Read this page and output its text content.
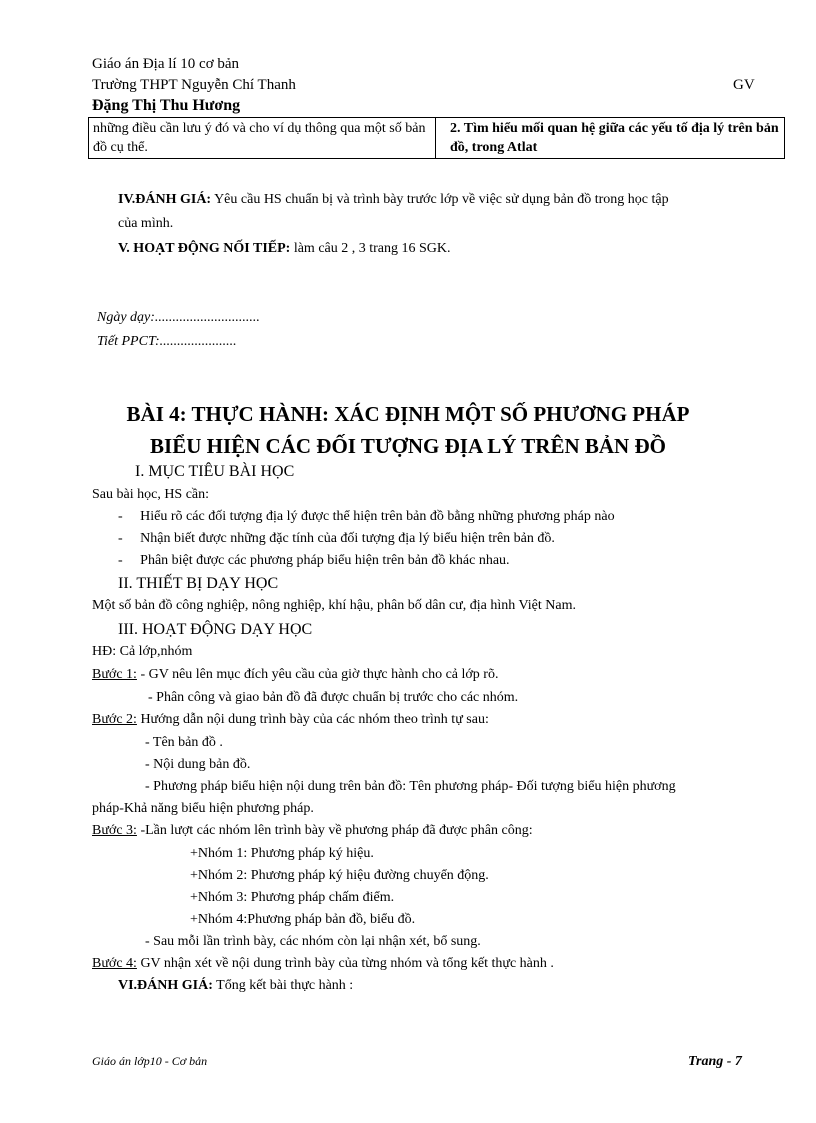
Giáo án Địa lí 10 cơ bản
Trường THPT Nguyễn Chí Thanh	GV
Đặng Thị Thu Hương
những điều cần lưu ý đó và cho ví dụ thông qua một số bản đồ cụ thể.	2. Tìm hiểu mối quan hệ giữa các yếu tố địa lý trên bản đồ, trong Atlat
IV.ĐÁNH GIÁ: Yêu cầu HS chuẩn bị và trình bày trước lớp về việc sử dụng bản đồ trong học tập
của mình.
V. HOẠT ĐỘNG NỐI TIẾP: làm câu 2 , 3 trang 16 SGK.
Ngày dạy:..............................
Tiết PPCT:......................
BÀI 4: THỰC HÀNH: XÁC ĐỊNH MỘT SỐ PHƯƠNG PHÁP
BIỂU HIỆN CÁC ĐỐI TƯỢNG ĐỊA LÝ TRÊN BẢN ĐỒ
I. MỤC TIÊU BÀI HỌC
Sau bài học, HS cần:
-     Hiểu rõ các đối tượng địa lý được thể hiện trên bản đồ bằng những phương pháp nào
-     Nhận biết được những đặc tính của đối tượng địa lý biểu hiện trên bản đồ.
-     Phân biệt được các phương pháp biểu hiện trên bản đồ khác nhau.
II. THIẾT BỊ DẠY HỌC
Một số bản đồ công nghiệp, nông nghiệp, khí hậu, phân bố dân cư, địa hình Việt Nam.
III. HOẠT ĐỘNG DẠY HỌC
HĐ: Cả lớp,nhóm
Bước 1: - GV nêu lên mục đích yêu cầu của giờ thực hành cho cả lớp rõ.
- Phân công và giao bản đồ đã được chuẩn bị trước cho các nhóm.
Bước 2: Hướng dẫn nội dung trình bày của các nhóm theo trình tự sau:
- Tên bản đồ .
- Nội dung bản đồ.
- Phương pháp biểu hiện nội dung trên bản đồ: Tên phương pháp- Đối tượng biểu hiện phương
pháp-Khả năng biểu hiện phương pháp.
Bước 3: -Lần lượt các nhóm lên trình bày về phương pháp đã được phân công:
+Nhóm 1: Phương pháp ký hiệu.
+Nhóm 2: Phương pháp ký hiệu đường chuyển động.
+Nhóm 3: Phương pháp chấm điểm.
+Nhóm 4:Phương pháp bản đồ, biểu đồ.
- Sau mỗi lần trình bày, các nhóm còn lại nhận xét, bổ sung.
Bước 4: GV nhận xét về nội dung trình bày của từng nhóm và tổng kết thực hành .
VI.ĐÁNH GIÁ: Tổng kết bài thực hành :
Giáo án lớp10 - Cơ bản	Trang - 7
